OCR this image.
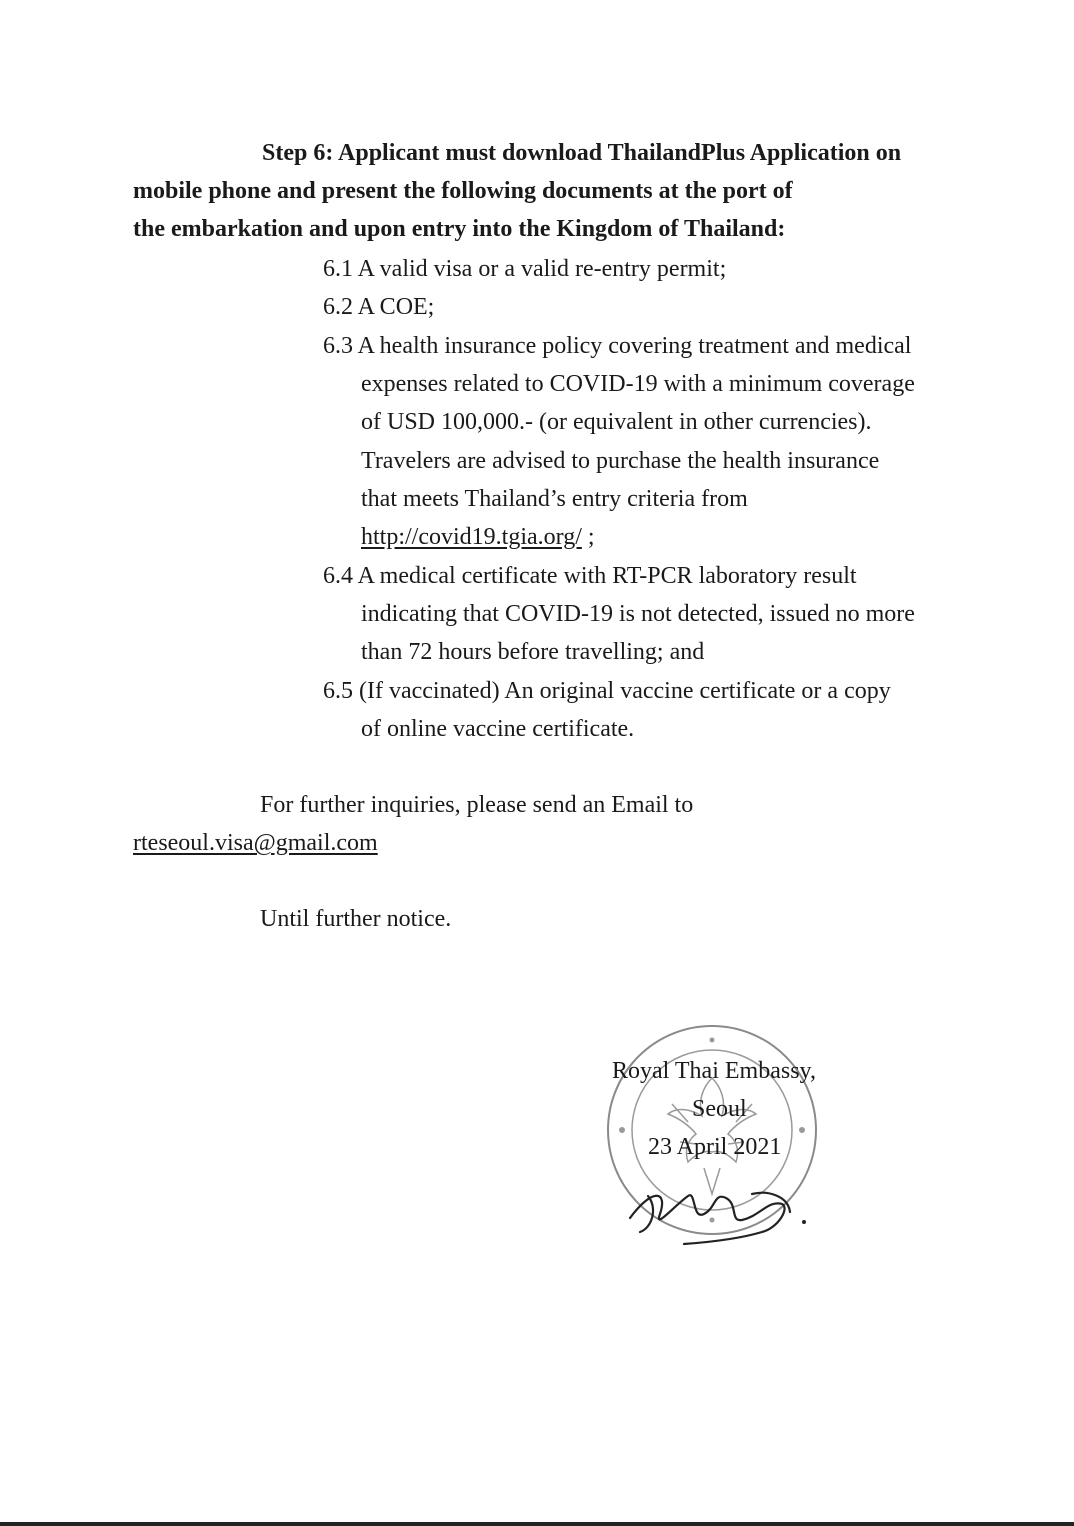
Step 6: Applicant must download ThailandPlus Application on
mobile phone and present the following documents at the port of
the embarkation and upon entry into the Kingdom of Thailand:
6.1 A valid visa or a valid re-entry permit;
6.2 A COE;
6.3 A health insurance policy covering treatment and medical
expenses related to COVID-19 with a minimum coverage
of USD 100,000.- (or equivalent in other currencies).
Travelers are advised to purchase the health insurance
that meets Thailand’s entry criteria from
http://covid19.tgia.org/ ;
6.4 A medical certificate with RT-PCR laboratory result
indicating that COVID-19 is not detected, issued no more
than 72 hours before travelling; and
6.5 (If vaccinated) An original vaccine certificate or a copy
of online vaccine certificate.
For further inquiries, please send an Email to
rteseoul.visa@gmail.com
Until further notice.
Royal Thai Embassy,
Seoul
23 April 2021
